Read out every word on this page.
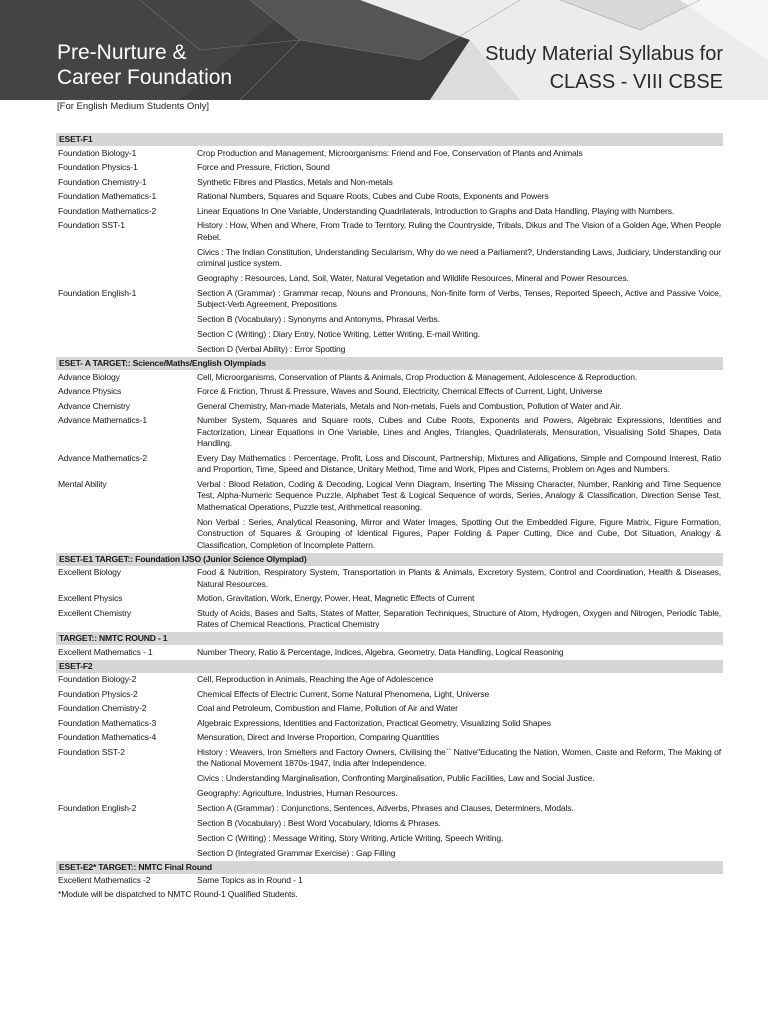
Pre-Nurture &
Career Foundation
Study Material Syllabus for
CLASS - VIII CBSE
[For English Medium Students Only]
ESET-F1
Foundation Biology-1	Crop Production and Management, Microorganisms: Friend and Foe, Conservation of Plants and Animals
Foundation Physics-1	Force and Pressure, Friction, Sound
Foundation Chemistry-1	Synthetic Fibres and Plastics, Metals and Non-metals
Foundation Mathematics-1	Rational Numbers, Squares and Square Roots, Cubes and Cube Roots, Exponents and Powers
Foundation Mathematics-2	Linear Equations In One Variable, Understanding Quadrilaterals, Introduction to Graphs and Data Handling, Playing with Numbers.
Foundation SST-1	History : How, When and Where, From Trade to Territory, Ruling the Countryside, Tribals, Dikus and The Vision of a Golden Age, When People Rebel.
Civics : The Indian Constitution, Understanding Secularism, Why do we need a Parliament?, Understanding Laws, Judiciary, Understanding our criminal justice system.
Geography : Resources, Land, Soil, Water, Natural Vegetation and Wildlife Resources, Mineral and Power Resources.
Foundation English-1	Section A (Grammar) : Grammar recap, Nouns and Pronouns, Non-finite form of Verbs, Tenses, Reported Speech, Active and Passive Voice, Subject-Verb Agreement, Prepositions
Section B (Vocabulary) : Synonyms and Antonyms, Phrasal Verbs.
Section C (Writing) : Diary Entry, Notice Writing, Letter Writing, E-mail Writing.
Section D (Verbal Ability) : Error Spotting
ESET- A TARGET:: Science/Maths/English Olympiads
Advance Biology	Cell, Microorganisms, Conservation of Plants & Animals, Crop Production & Management, Adolescence & Reproduction.
Advance Physics	Force & Friction, Thrust & Pressure, Waves and Sound, Electricity, Chemical Effects of Current, Light, Universe
Advance Chemistry	General Chemistry, Man-made Materials, Metals and Non-metals, Fuels and Combustion, Pollution of Water and Air.
Advance Mathematics-1	Number System, Squares and Square roots, Cubes and Cube Roots, Exponents and Powers, Algebraic Expressions, Identities and Factorization, Linear Equations in One Variable, Lines and Angles, Triangles, Quadrilaterals, Mensuration, Visualising Solid Shapes, Data Handling.
Advance Mathematics-2	Every Day Mathematics : Percentage, Profit, Loss and Discount, Partnership, Mixtures and Alligations, Simple and Compound Interest, Ratio and Proportion, Time, Speed and Distance, Unitary Method, Time and Work, Pipes and Cisterns, Problem on Ages and Numbers.
Mental Ability	Verbal : Blood Relation, Coding & Decoding, Logical Venn Diagram, Inserting The Missing Character, Number, Ranking and Time Sequence Test, Alpha-Numeric Sequence Puzzle, Alphabet Test & Logical Sequence of words, Series, Analogy & Classification, Direction Sense Test, Mathematical Operations, Puzzle test, Arithmetical reasoning.
Non Verbal : Series, Analytical Reasoning, Mirror and Water Images, Spotting Out the Embedded Figure, Figure Matrix, Figure Formation, Construction of Squares & Grouping of Identical Figures, Paper Folding & Paper Cutting, Dice and Cube, Dot Situation, Analogy & Classification, Completion of Incomplete Pattern.
ESET-E1 TARGET:: Foundation IJSO (Junior Science Olympiad)
Excellent Biology	Food & Nutrition, Respiratory System, Transportation in Plants & Animals, Excretory System, Control and Coordination, Health & Diseases, Natural Resources.
Excellent Physics	Motion, Gravitation, Work, Energy, Power, Heat, Magnetic Effects of Current
Excellent Chemistry	Study of Acids, Bases and Salts, States of Matter, Separation Techniques, Structure of Atom, Hydrogen, Oxygen and Nitrogen, Periodic Table, Rates of Chemical Reactions, Practical Chemistry
TARGET:: NMTC ROUND - 1
Excellent Mathematics - 1	Number Theory, Ratio & Percentage, Indices, Algebra, Geometry, Data Handling, Logical Reasoning
ESET-F2
Foundation Biology-2	Cell, Reproduction in Animals, Reaching the Age of Adolescence
Foundation Physics-2	Chemical Effects of Electric Current, Some Natural Phenomena, Light, Universe
Foundation Chemistry-2	Coal and Petroleum, Combustion and Flame, Pollution of Air and Water
Foundation Mathematics-3	Algebraic Expressions, Identities and Factorization, Practical Geometry, Visualizing Solid Shapes
Foundation Mathematics-4	Mensuration, Direct and Inverse Proportion, Comparing Quantities
Foundation SST-2	History : Weavers, Iron Smelters and Factory Owners, Civilising the`` Native"Educating the Nation, Women, Caste and Reform, The Making of the National Movement 1870s-1947, India after Independence.
Civics : Understanding Marginalisation, Confronting Marginalisation, Public Facilities, Law and Social Justice.
Geography: Agriculture, Industries, Human Resources.
Foundation English-2	Section A (Grammar) : Conjunctions, Sentences, Adverbs, Phrases and Clauses, Determiners, Modals.
Section B (Vocabulary) : Best Word Vocabulary, Idioms & Phrases.
Section C (Writing) : Message Writing, Story Writing, Article Writing, Speech Writing.
Section D (Integrated Grammar Exercise) : Gap Filling
ESET-E2* TARGET:: NMTC Final Round
Excellent Mathematics -2	Same Topics as in Round - 1
*Module will be dispatched to NMTC Round-1 Qualified Students.
